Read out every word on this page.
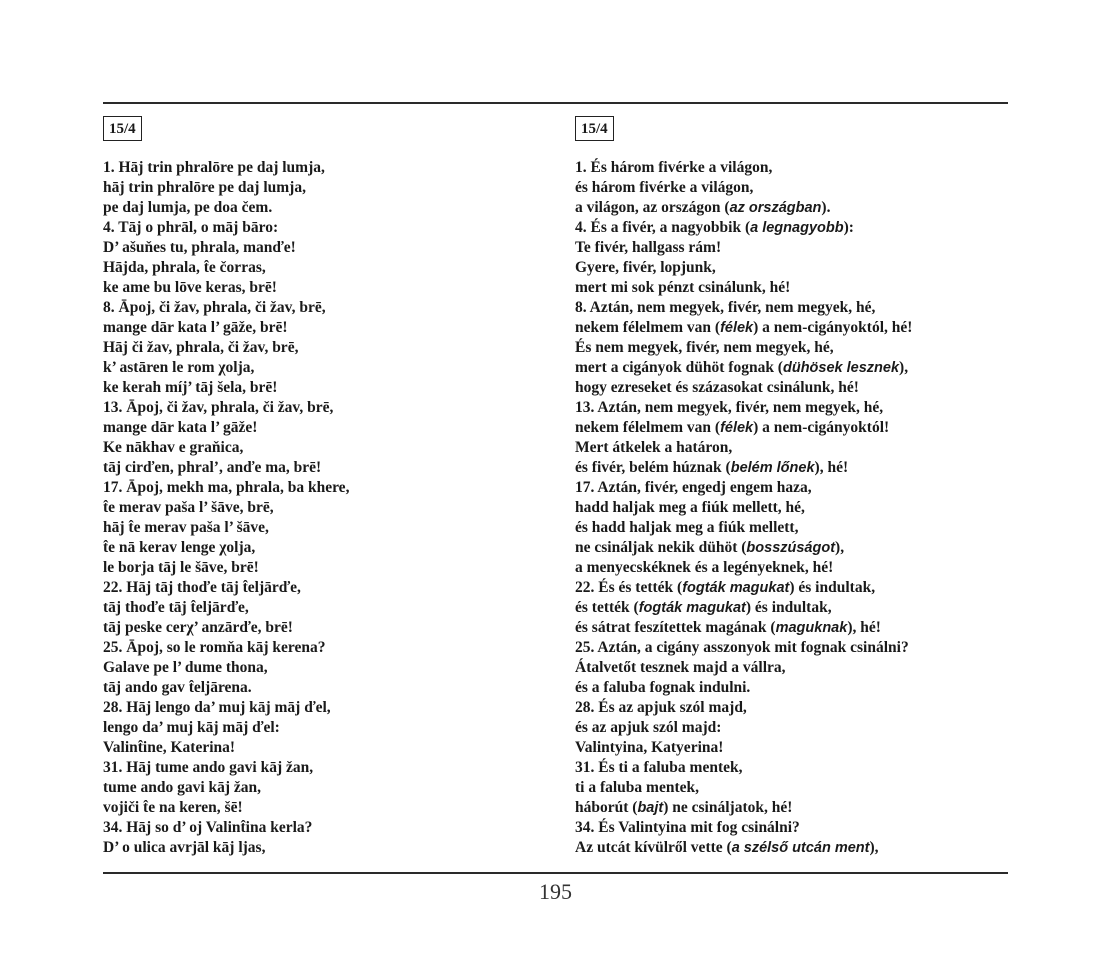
15/4
1. Hāj trin phralōre pe daj lumja,
hāj trin phralōre pe daj lumja,
pe daj lumja, pe doa čem.
4. Tāj o phrāl, o māj bāro:
D’ ašuňes tu, phrala, manďe!
Hājda, phrala, t̂e čorras,
ke ame bu lōve keras, brē!
8. Āpoj, či žav, phrala, či žav, brē,
mange dār kata l’ gāže, brē!
Hāj či žav, phrala, či žav, brē,
k’ astāren le rom χolja,
ke kerah míj’ tāj šela, brē!
13. Āpoj, či žav, phrala, či žav, brē,
mange dār kata l’ gāže!
Ke nākhav e graňica,
tāj cirďen, phral’, anďe ma, brē!
17. Āpoj, mekh ma, phrala, ba khere,
t̂e merav paša l’ šāve, brē,
hāj t̂e merav paša l’ šāve,
t̂e nā kerav lenge χolja,
le borja tāj le šāve, brē!
22. Hāj tāj thoďe tāj t̂eljārďe,
tāj thoďe tāj t̂eljārďe,
tāj peske cerχ’ anzārďe, brē!
25. Āpoj, so le romňa kāj kerena?
Galave pe l’ dume thona,
tāj ando gav t̂eljārena.
28. Hāj lengo da’ muj kāj māj ďel,
lengo da’ muj kāj māj ďel:
Valint̂ine, Katerina!
31. Hāj tume ando gavi kāj žan,
tume ando gavi kāj žan,
vojiči t̂e na keren, šē!
34. Hāj so d’ oj Valint̂ina kerla?
D’ o ulica avrjāl kāj ljas,
15/4
1. És három fivérke a világon,
és három fivérke a világon,
a világon, az országon (az országban).
4. És a fivér, a nagyobbik (a legnagyobb):
Te fivér, hallgass rám!
Gyere, fivér, lopjunk,
mert mi sok pénzt csinálunk, hé!
8. Aztán, nem megyek, fivér, nem megyek, hé,
nekem félelmem van (félek) a nem-cigányoktól, hé!
És nem megyek, fivér, nem megyek, hé,
mert a cigányok dühöt fognak (dühösek lesznek),
hogy ezreseket és százasokat csinálunk, hé!
13. Aztán, nem megyek, fivér, nem megyek, hé,
nekem félelmem van (félek) a nem-cigányoktól!
Mert átkelek a határon,
és fivér, belém húznak (belém lőnek), hé!
17. Aztán, fivér, engedj engem haza,
hadd haljak meg a fiúk mellett, hé,
és hadd haljak meg a fiúk mellett,
ne csináljak nekik dühöt (bosszúságot),
a menyecskéknek és a legényeknek, hé!
22. És és tették (fogták magukat) és indultak,
és tették (fogták magukat) és indultak,
és sátrat feszítettek magának (maguknak), hé!
25. Aztán, a cigány asszonyok mit fognak csinálni?
Átalvetőt tesznek majd a vállra,
és a faluba fognak indulni.
28. És az apjuk szól majd,
és az apjuk szól majd:
Valintyina, Katyerina!
31. És ti a faluba mentek,
ti a faluba mentek,
háborút (bajt) ne csináljatok, hé!
34. És Valintyina mit fog csinálni?
Az utcát kívülről vette (a szélső utcán ment),
195
